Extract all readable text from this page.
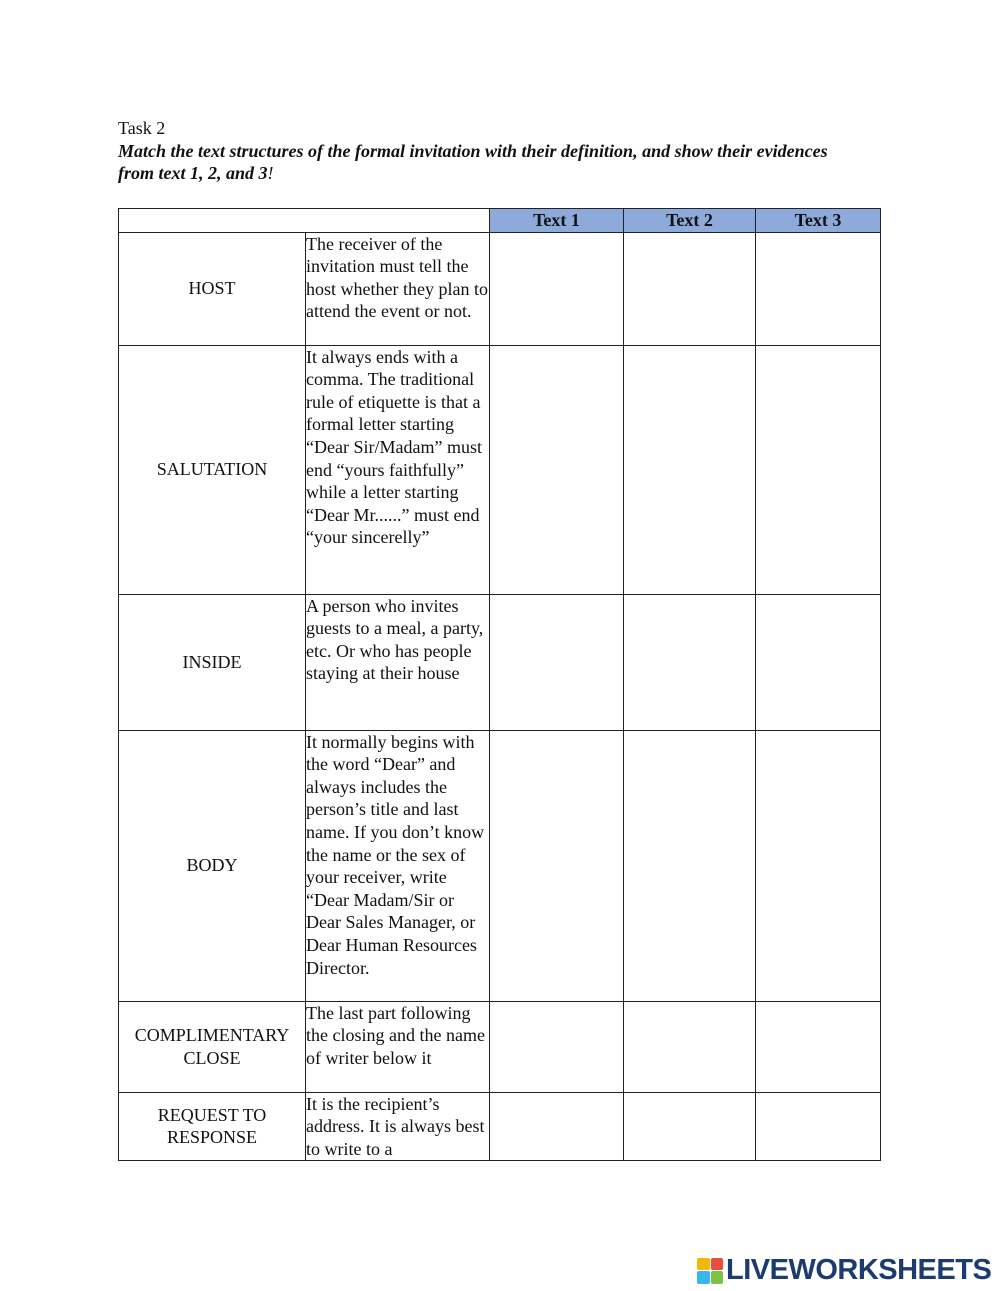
Task 2
Match the text structures of the formal invitation with their definition, and show their evidences from text 1, 2, and 3!
		Text 1	Text 2	Text 3
HOST	The receiver of the invitation must tell the host whether they plan to attend the event or not.			
SALUTATION	It always ends with a comma. The traditional rule of etiquette is that a formal letter starting “Dear Sir/Madam” must end “yours faithfully” while a letter starting “Dear Mr......” must end “your sincerelly”			
INSIDE	A person who invites guests to a meal, a party, etc. Or who has people staying at their house			
BODY	It normally begins with the word “Dear” and always includes the person’s title and last name. If you don’t know the name or the sex of your receiver, write “Dear Madam/Sir or Dear Sales Manager, or Dear Human Resources Director.			
COMPLIMENTARY CLOSE	The last part following the closing and the name of writer below it			
REQUEST TO RESPONSE	It is the recipient’s address. It is always best to write to a			

LIVEWORKSHEETS
